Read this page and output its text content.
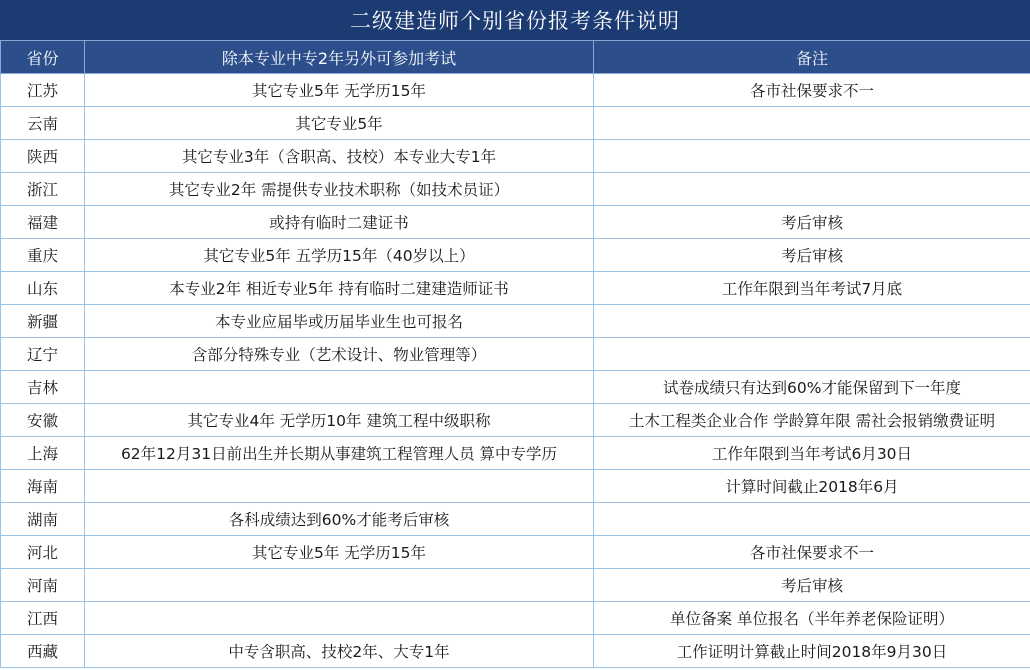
二级建造师个别省份报考条件说明
省份	除本专业中专2年另外可参加考试	备注
江苏	其它专业5年 无学历15年	各市社保要求不一
云南	其它专业5年	
陕西	其它专业3年（含职高、技校）本专业大专1年	
浙江	其它专业2年 需提供专业技术职称（如技术员证）	
福建	或持有临时二建证书	考后审核
重庆	其它专业5年 五学历15年（40岁以上）	考后审核
山东	本专业2年 相近专业5年 持有临时二建建造师证书	工作年限到当年考试7月底
新疆	本专业应届毕或历届毕业生也可报名	
辽宁	含部分特殊专业（艺术设计、物业管理等）	
吉林		试卷成绩只有达到60%才能保留到下一年度
安徽	其它专业4年 无学历10年 建筑工程中级职称	土木工程类企业合作 学龄算年限 需社会报销缴费证明
上海	62年12月31日前出生并长期从事建筑工程管理人员 算中专学历	工作年限到当年考试6月30日
海南		计算时间截止2018年6月
湖南	各科成绩达到60%才能考后审核	
河北	其它专业5年 无学历15年	各市社保要求不一
河南		考后审核
江西		单位备案 单位报名（半年养老保险证明）
西藏	中专含职高、技校2年、大专1年	工作证明计算截止时间2018年9月30日
